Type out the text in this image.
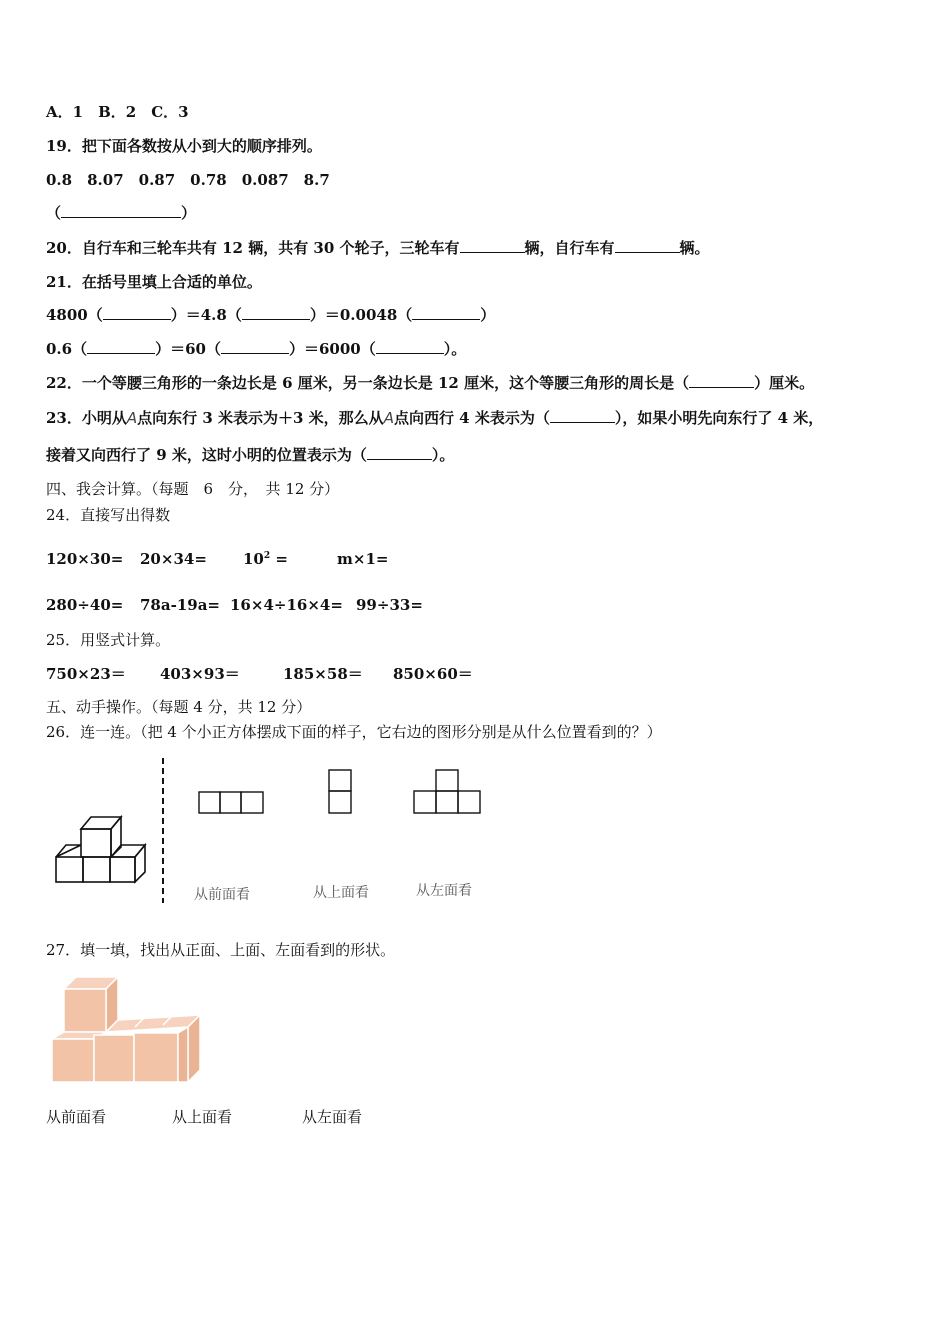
A．1　B．2　C．3
19．把下面各数按从小到大的顺序排列。
0.8　8.07　0.87　0.78　0.087　8.7
（	）
20．自行车和三轮车共有 12 辆，共有 30 个轮子，三轮车有	辆，自行车有	辆。
21．在括号里填上合适的单位。
4800（	）＝4.8（	）＝0.0048（	）
0.6（	）＝60（	）＝6000（	）。
22．一个等腰三角形的一条边长是 6 厘米，另一条边长是 12 厘米，这个等腰三角形的周长是（	）厘米。
23．小明从A点向东行 3 米表示为＋3 米，那么从A点向西行 4 米表示为（	），如果小明先向东行了 4 米，
接着又向西行了 9 米，这时小明的位置表示为（	）。
四、我会计算。（每题　6　分，　共 12 分）
24．直接写出得数
$120\times 30= 20\times 34= 10^2$ =	m×1=
280÷40= 78a-19a= 16×4÷16×4= 99÷33=
25．用竖式计算。
750×23＝ 403×93＝	185×58＝ 850×60＝
五、动手操作。（每题 4 分，共 12 分）
26．连一连。（把 4 个小正方体摆成下面的样子，它右边的图形分别是从什么位置看到的？）
从前面看	从上面看	从左面看
27．填一填，找出从正面、上面、左面看到的形状。
从前面看	从上面看	从左面看
